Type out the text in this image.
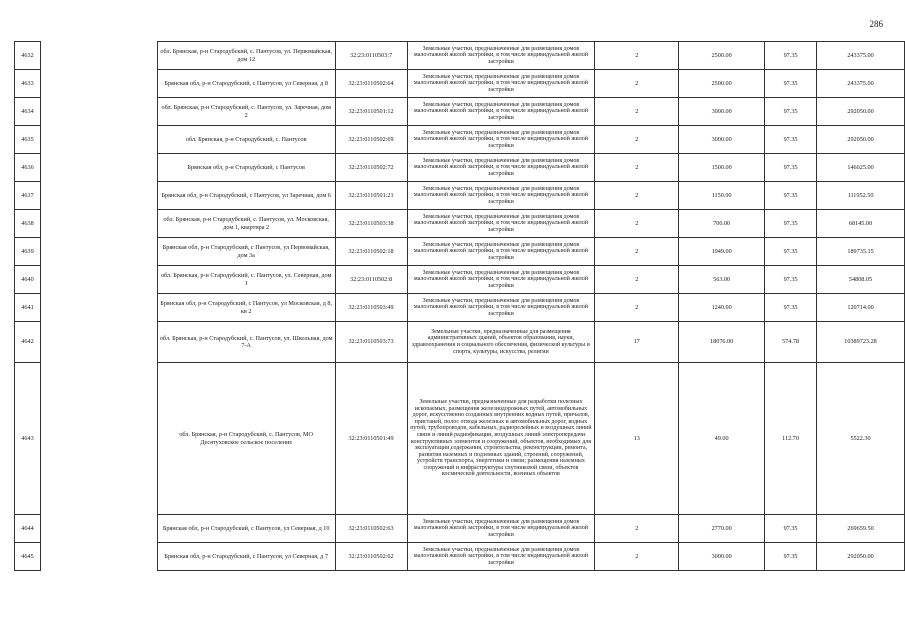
286
4632		обл. Брянская, р-н Стародубский, с. Пантусов, ул. Первомайская, дом 12	32:23:0110503:7	Земельные участки, предназначенные для размещения домов малоэтажной жилой застройки, в том числе индивидуальной жилой застройки	2	2500.00	97.35	243375.00
4633		Брянская обл, р-н Стародубский, с Пантусов, ул Северная, д 8	32:23:0110502:64	Земельные участки, предназначенные для размещения домов малоэтажной жилой застройки, в том числе индивидуальной жилой застройки	2	2500.00	97.35	243375.00
4634		обл. Брянская, р-н Стародубский, с. Пантусов, ул. Заречная, дом 2	32:23:0110501:12	Земельные участки, предназначенные для размещения домов малоэтажной жилой застройки, в том числе индивидуальной жилой застройки	2	3000.00	97.35	292050.00
4635		обл. Брянская, р-н Стародубский, с. Пантусов	32:23:0110502:69	Земельные участки, предназначенные для размещения домов малоэтажной жилой застройки, в том числе индивидуальной жилой застройки	2	3000.00	97.35	292050.00
4636		Брянская обл, р-н Стародубский, с Пантусов	32:23:0110502:72	Земельные участки, предназначенные для размещения домов малоэтажной жилой застройки, в том числе индивидуальной жилой застройки	2	1500.00	97.35	146025.00
4637		Брянская обл, р-н Стародубский, с Пантусов, ул Заречная, дом 6	32:23:0110501:21	Земельные участки, предназначенные для размещения домов малоэтажной жилой застройки, в том числе индивидуальной жилой застройки	2	1150.00	97.35	111952.50
4638		обл. Брянская, р-н Стародубский, с. Пантусов, ул. Московская, дом 1, квартира 2	32:23:0110503:38	Земельные участки, предназначенные для размещения домов малоэтажной жилой застройки, в том числе индивидуальной жилой застройки	2	700.00	97.35	68145.00
4639		Брянская обл, р-н Стародубский, с Пантусов, ул Первомайская, дом 3а	32:23:0110502:18	Земельные участки, предназначенные для размещения домов малоэтажной жилой застройки, в том числе индивидуальной жилой застройки	2	1949.00	97.35	189735.15
4640		обл. Брянская, р-н Стародубский, с. Пантусов, ул. Северная, дом 1	32:23:0110502:8	Земельные участки, предназначенные для размещения домов малоэтажной жилой застройки, в том числе индивидуальной жилой застройки	2	563.00	97.35	54808.05
4641		Брянская обл, р-н Стародубский, с Пантусов, ул Московская, д 8, кв 2	32:23:0110503:49	Земельные участки, предназначенные для размещения домов малоэтажной жилой застройки, в том числе индивидуальной жилой застройки	2	1240.00	97.35	120714.00
4642		обл. Брянская, р-н Стародубский, с. Пантусов, ул. Школьная, дом 7-А	32:23:0110503:73	Земельные участки, предназначенные для размещения административных зданий, объектов образования, науки, здравоохранения и социального обеспечения, физической культуры и спорта, культуры, искусства, религии	17	18076.00	574.78	10389723.28
4643		обл. Брянская, р-н Стародубский, с. Пантусов, МО Десятуховское сельское поселение	32:23:0110501:49	Земельные участки, предназначенные для разработки полезных ископаемых, размещения железнодорожных путей, автомобильных дорог, искусственно созданных внутренних водных путей, причалов, пристаней, полос отвода железных и автомобильных дорог, водных путей, трубопроводов, кабельных, радиорелейных и воздушных линий связи и линий радиофикации, воздушных линий электропередачи конструктивных элементов и сооружений, объектов, необходимых для эксплуатации,содержания, строительства, реконструкции, ремонта, развития наземных и подземных зданий, строений, сооружений, устройств транспорта, энергетики и связи; размещения наземных сооружений и инфраструктуры спутниковой связи, объектов космической деятельности, военных объектов	13	49.00	112.70	5522.30
4644		Брянская обл, р-н Стародубский, с Пантусов, ул Северная, д 10	32:23:0110502:63	Земельные участки, предназначенные для размещения домов малоэтажной жилой застройки, в том числе индивидуальной жилой застройки	2	2770.00	97.35	269659.50
4645		Брянская обл, р-н Стародубский, с Пантусов, ул Северная, д 7	32:23:0110502:62	Земельные участки, предназначенные для размещения домов малоэтажной жилой застройки, в том числе индивидуальной жилой застройки	2	3000.00	97.35	292050.00
